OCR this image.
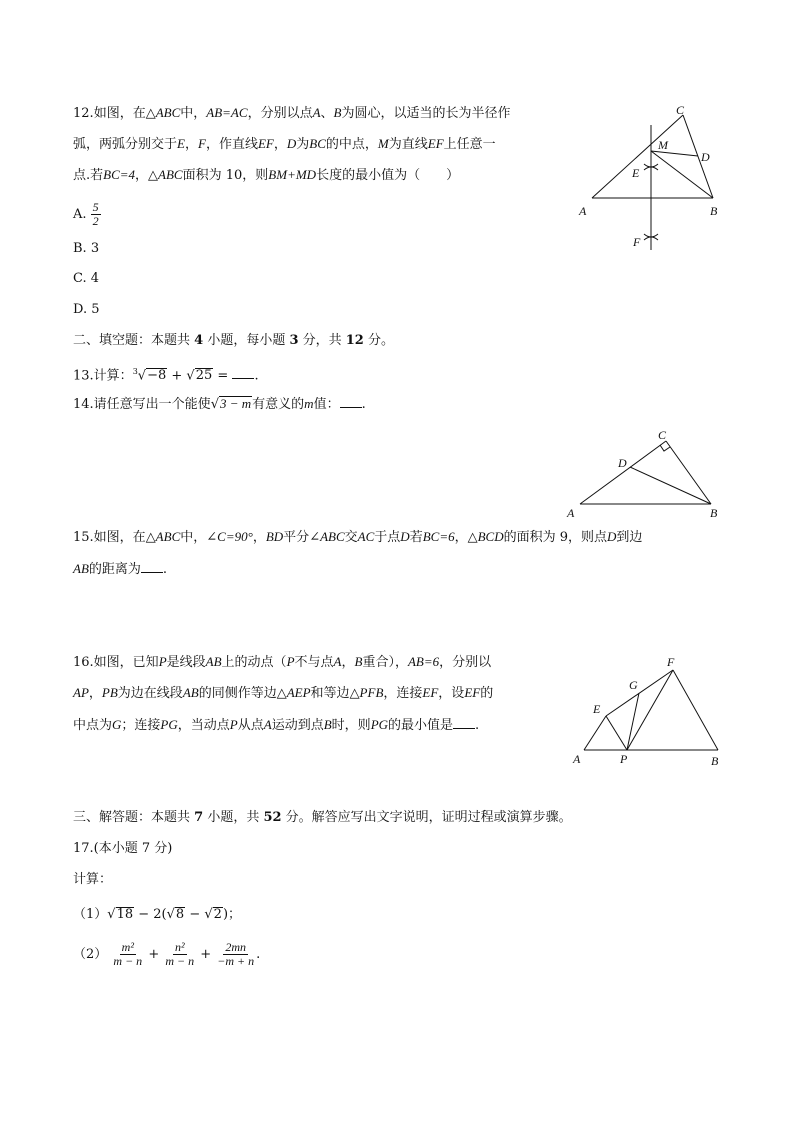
12.如图，在△ABC中，AB=AC，分别以点A、B为圆心，以适当的长为半径作
弧，两弧分别交于E，F，作直线EF，D为BC的中点，M为直线EF上任意一
点.若BC=4，△ABC面积为 10，则BM+MD长度的最小值为（　　）
A. $\frac{5}{2}$
B. 3
C. 4
D. 5
C
M
D
E
A	B
F
二、填空题：本题共 4 小题，每小题 3 分，共 12 分。
13.计算：$^3$√−8 + √25 = .
14.请任意写出一个能使√3 − m有意义的m值： .
C
D
A	B
15.如图，在△ABC中，∠C=90°，BD平分∠ABC交AC于点D若BC=6，△BCD的面积为 9，则点D到边
AB的距离为 .
16.如图，已知P是线段AB上的动点（P不与点A，B重合），AB=6，分别以
AP，PB为边在线段AB的同侧作等边△AEP和等边△PFB，连接EF，设EF的
中点为G；连接PG，当动点P从点A运动到点B时，则PG的最小值是 .
F
G
E
A	P	B
三、解答题：本题共 7 小题，共 52 分。解答应写出文字说明，证明过程或演算步骤。
17.(本小题 7 分)
计算：
（1）√18 − 2(√8 − √2)；
$(2) \frac{\text{m²}}{m - n} + \frac{\text{n²}}{m - n} + \frac{2mn}{-m + n}$ .
